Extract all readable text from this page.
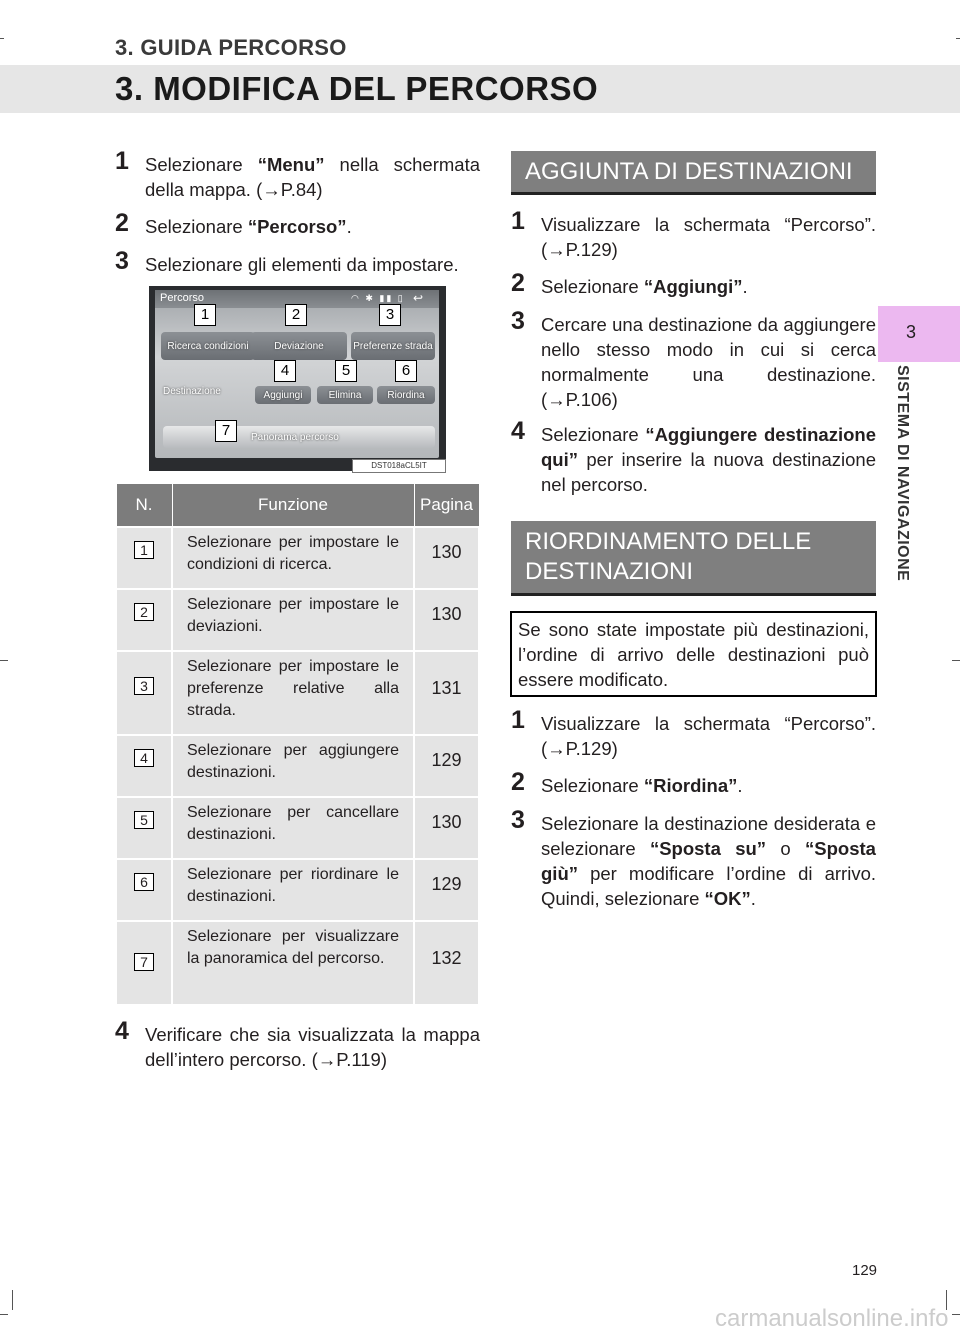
3. GUIDA PERCORSO
3. MODIFICA DEL PERCORSO
3
SISTEMA DI NAVIGAZIONE
1 Selezionare “Menu” nella schermata della mappa. (→P.84)
2 Selezionare “Percorso”.
3 Selezionare gli elementi da impostare.
Percorso	◠ ✱ ▮▮ ▯ ↩
Ricerca condizioni	Deviazione	Preferenze strada
Destinazione	Aggiungi	Elimina	Riordina
Panorama percorso
1	2	3
4	5	6
7
DST018aCL5IT
N.	Funzione	Pagina
1	Selezionare per impostare le condizioni di ricerca.	130
2	Selezionare per impostare le deviazioni.	130
3	Selezionare per impostare le preferenze relative alla strada.	131
4	Selezionare per aggiungere destinazioni.	129
5	Selezionare per cancellare destinazioni.	130
6	Selezionare per riordinare le destinazioni.	129
7	Selezionare per visualizzare la panoramica del percorso.	132
4 Verificare che sia visualizzata la mappa dell’intero percorso. (→P.119)
AGGIUNTA DI DESTINAZIONI
1 Visualizzare la schermata “Percorso”. (→P.129)
2 Selezionare “Aggiungi”.
3 Cercare una destinazione da aggiungere nello stesso modo in cui si cerca normalmente una destinazione. (→P.106)
4 Selezionare “Aggiungere destinazione qui” per inserire la nuova destinazione nel percorso.
RIORDINAMENTO DELLE DESTINAZIONI
Se sono state impostate più destinazioni, l’ordine di arrivo delle destinazioni può essere modificato.
1 Visualizzare la schermata “Percorso”. (→P.129)
2 Selezionare “Riordina”.
3 Selezionare la destinazione desiderata e selezionare “Sposta su” o “Sposta giù” per modificare l’ordine di arrivo. Quindi, selezionare “OK”.
129
carmanualsonline.info
